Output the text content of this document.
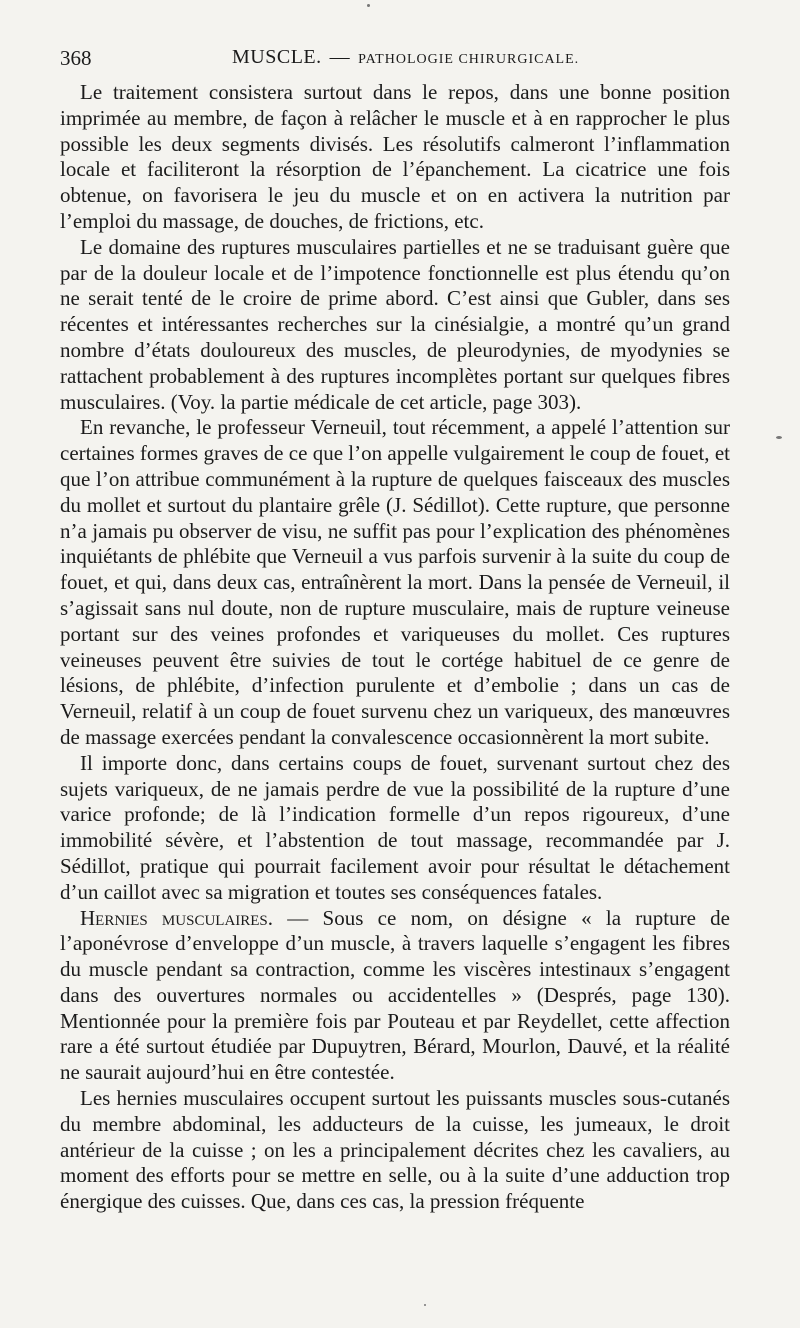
368	MUSCLE. — PATHOLOGIE CHIRURGICALE.

Le traitement consistera surtout dans le repos, dans une bonne position imprimée au membre, de façon à relâcher le muscle et à en rapprocher le plus possible les deux segments divisés. Les résolutifs calmeront l’inflammation locale et faciliteront la résorption de l’épanchement. La cicatrice une fois obtenue, on favorisera le jeu du muscle et on en activera la nutrition par l’emploi du massage, de douches, de frictions, etc.

Le domaine des ruptures musculaires partielles et ne se traduisant guère que par de la douleur locale et de l’impotence fonctionnelle est plus étendu qu’on ne serait tenté de le croire de prime abord. C’est ainsi que Gubler, dans ses récentes et intéressantes recherches sur la cinésialgie, a montré qu’un grand nombre d’états douloureux des muscles, de pleurodynies, de myodynies se rattachent probablement à des ruptures incomplètes portant sur quelques fibres musculaires. (Voy. la partie médicale de cet article, page 303).

En revanche, le professeur Verneuil, tout récemment, a appelé l’attention sur certaines formes graves de ce que l’on appelle vulgairement le coup de fouet, et que l’on attribue communément à la rupture de quelques faisceaux des muscles du mollet et surtout du plantaire grêle (J. Sédillot). Cette rupture, que personne n’a jamais pu observer de visu, ne suffit pas pour l’explication des phénomènes inquiétants de phlébite que Verneuil a vus parfois survenir à la suite du coup de fouet, et qui, dans deux cas, entraînèrent la mort. Dans la pensée de Verneuil, il s’agissait sans nul doute, non de rupture musculaire, mais de rupture veineuse portant sur des veines profondes et variqueuses du mollet. Ces ruptures veineuses peuvent être suivies de tout le cortége habituel de ce genre de lésions, de phlébite, d’infection purulente et d’embolie ; dans un cas de Verneuil, relatif à un coup de fouet survenu chez un variqueux, des manœuvres de massage exercées pendant la convalescence occasionnèrent la mort subite.

Il importe donc, dans certains coups de fouet, survenant surtout chez des sujets variqueux, de ne jamais perdre de vue la possibilité de la rupture d’une varice profonde; de là l’indication formelle d’un repos rigoureux, d’une immobilité sévère, et l’abstention de tout massage, recommandée par J. Sédillot, pratique qui pourrait facilement avoir pour résultat le détachement d’un caillot avec sa migration et toutes ses conséquences fatales.

Hernies musculaires. — Sous ce nom, on désigne « la rupture de l’aponévrose d’enveloppe d’un muscle, à travers laquelle s’engagent les fibres du muscle pendant sa contraction, comme les viscères intestinaux s’engagent dans des ouvertures normales ou accidentelles » (Després, page 130). Mentionnée pour la première fois par Pouteau et par Reydellet, cette affection rare a été surtout étudiée par Dupuytren, Bérard, Mourlon, Dauvé, et la réalité ne saurait aujourd’hui en être contestée.

Les hernies musculaires occupent surtout les puissants muscles sous-cutanés du membre abdominal, les adducteurs de la cuisse, les jumeaux, le droit antérieur de la cuisse ; on les a principalement décrites chez les cavaliers, au moment des efforts pour se mettre en selle, ou à la suite d’une adduction trop énergique des cuisses. Que, dans ces cas, la pression fréquente
